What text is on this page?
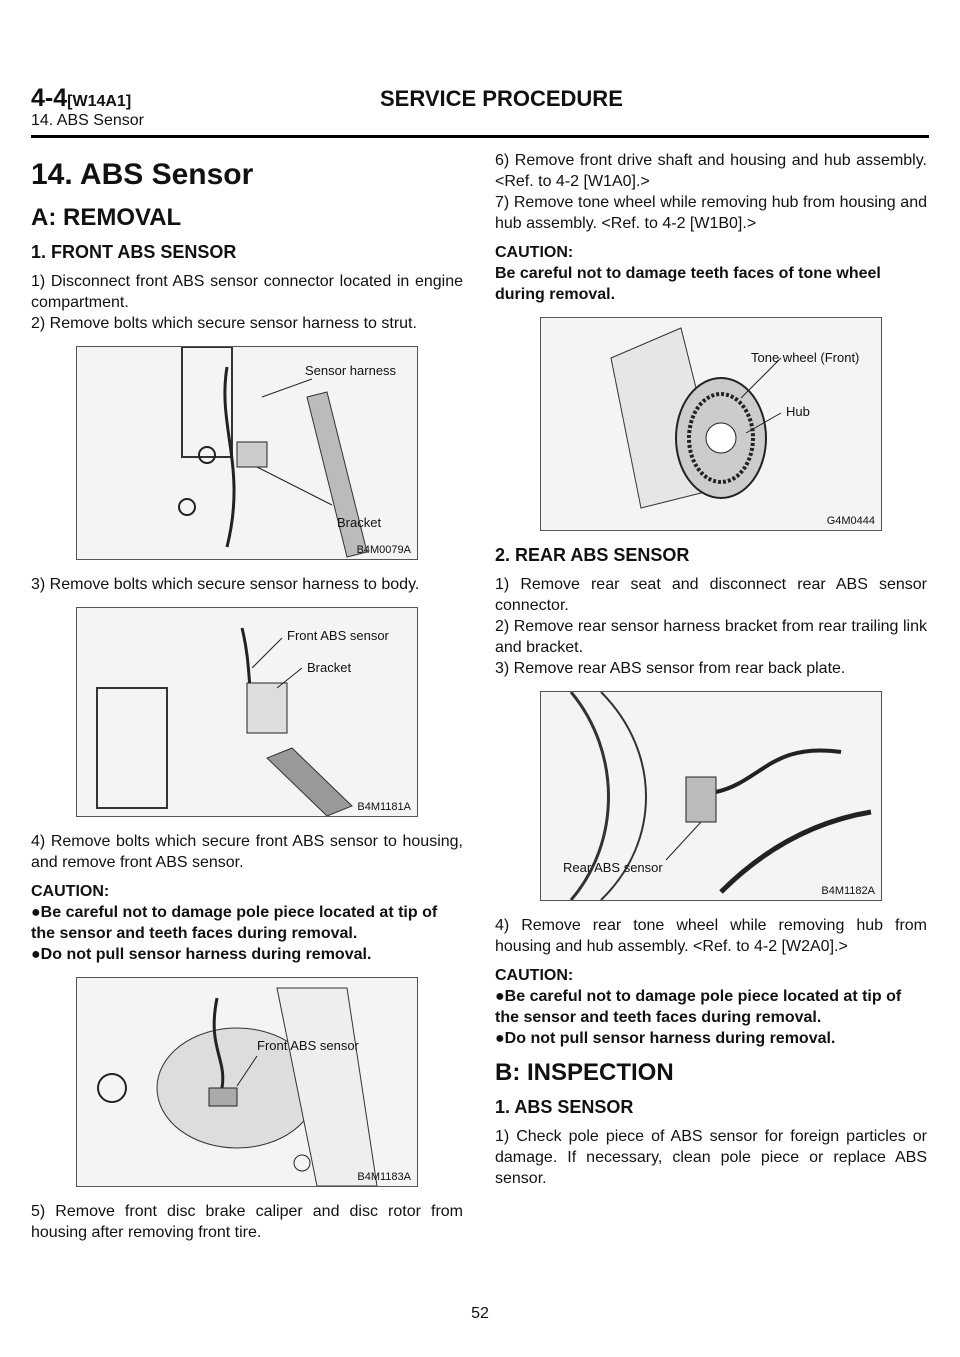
4-4[W14A1]
14. ABS Sensor
SERVICE PROCEDURE
14. ABS Sensor
A: REMOVAL
1. FRONT ABS SENSOR

1) Disconnect front ABS sensor connector located in engine compartment.

2) Remove bolts which secure sensor harness to strut.

Sensor harness
Bracket
B4M0079A

3) Remove bolts which secure sensor harness to body.

Front ABS sensor
Bracket
B4M1181A

4) Remove bolts which secure front ABS sensor to housing, and remove front ABS sensor.

CAUTION:
●Be careful not to damage pole piece located at tip of the sensor and teeth faces during removal.
●Do not pull sensor harness during removal.
Front ABS sensor
B4M1183A

5) Remove front disc brake caliper and disc rotor from housing after removing front tire.

6) Remove front drive shaft and housing and hub assembly. <Ref. to 4-2 [W1A0].>

7) Remove tone wheel while removing hub from housing and hub assembly. <Ref. to 4-2 [W1B0].>

CAUTION:
Be careful not to damage teeth faces of tone wheel during removal.
Tone wheel (Front)
Hub
G4M0444
2. REAR ABS SENSOR

1) Remove rear seat and disconnect rear ABS sensor connector.

2) Remove rear sensor harness bracket from rear trailing link and bracket.

3) Remove rear ABS sensor from rear back plate.

Rear ABS sensor
B4M1182A

4) Remove rear tone wheel while removing hub from housing and hub assembly. <Ref. to 4-2 [W2A0].>

CAUTION:
●Be careful not to damage pole piece located at tip of the sensor and teeth faces during removal.
●Do not pull sensor harness during removal.
B: INSPECTION
1. ABS SENSOR

1) Check pole piece of ABS sensor for foreign particles or damage. If necessary, clean pole piece or replace ABS sensor.

52
